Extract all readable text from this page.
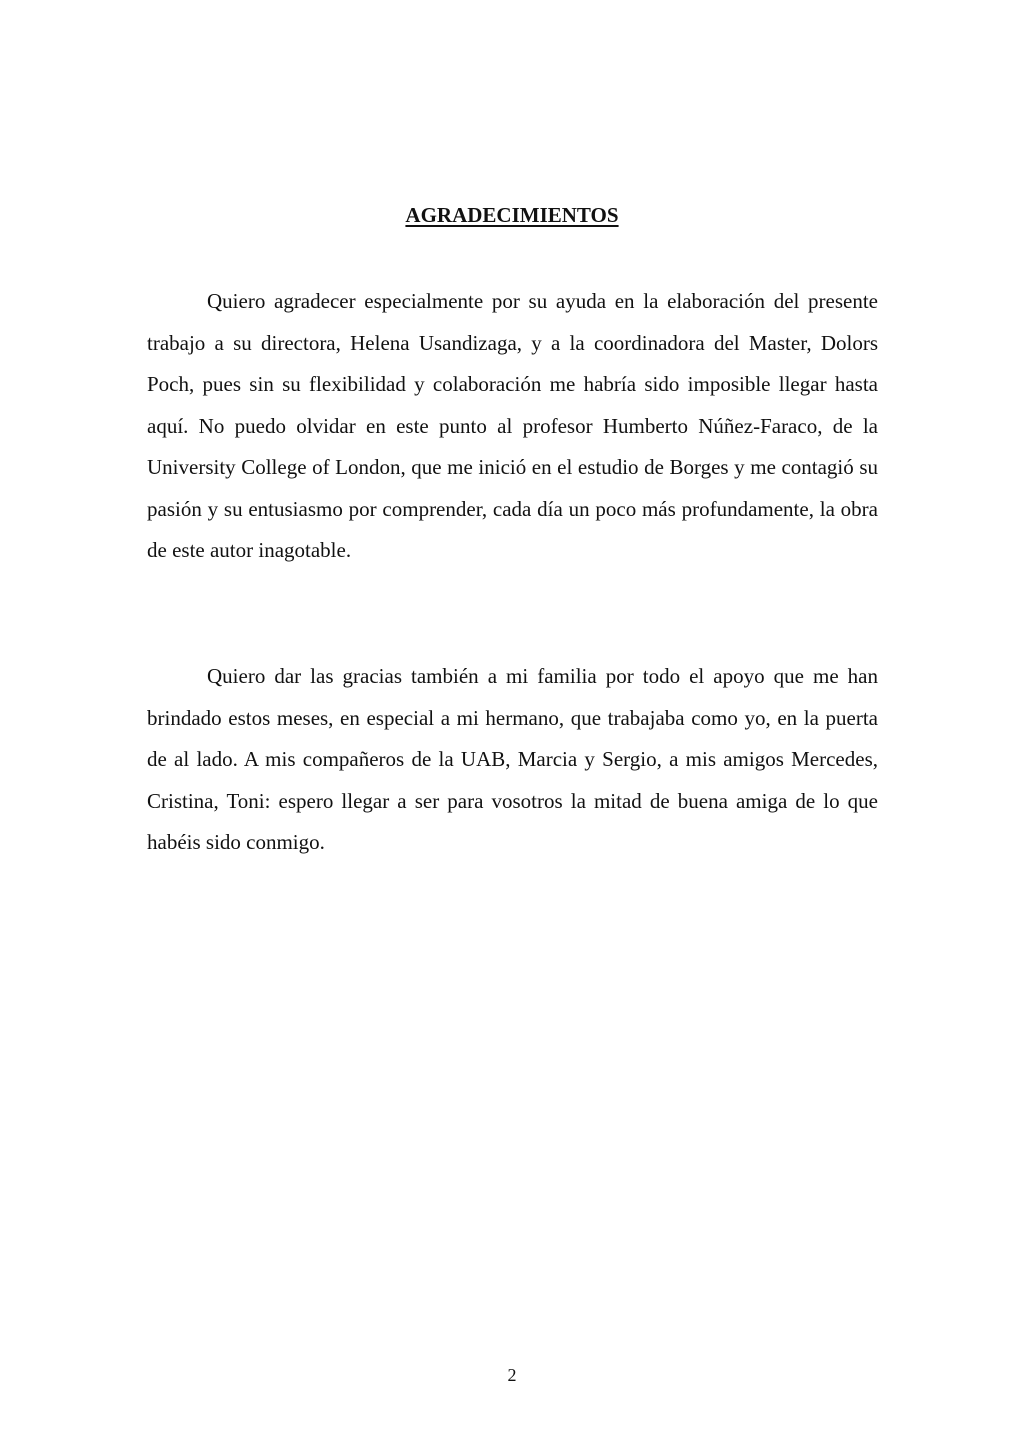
AGRADECIMIENTOS

Quiero agradecer especialmente por su ayuda en la elaboración del presente trabajo a su directora, Helena Usandizaga, y a la coordinadora del Master, Dolors Poch, pues sin su flexibilidad y colaboración me habría sido imposible llegar hasta aquí. No puedo olvidar en este punto al profesor Humberto Núñez-Faraco, de la University College of London, que me inició en el estudio de Borges y me contagió su pasión y su entusiasmo por comprender, cada día un poco más profundamente, la obra de este autor inagotable.

Quiero dar las gracias también a mi familia por todo el apoyo que me han brindado estos meses, en especial a mi hermano, que trabajaba como yo, en la puerta de al lado. A mis compañeros de la UAB, Marcia y Sergio, a mis amigos Mercedes, Cristina, Toni: espero llegar a ser para vosotros la mitad de buena amiga de lo que habéis sido conmigo.

2
